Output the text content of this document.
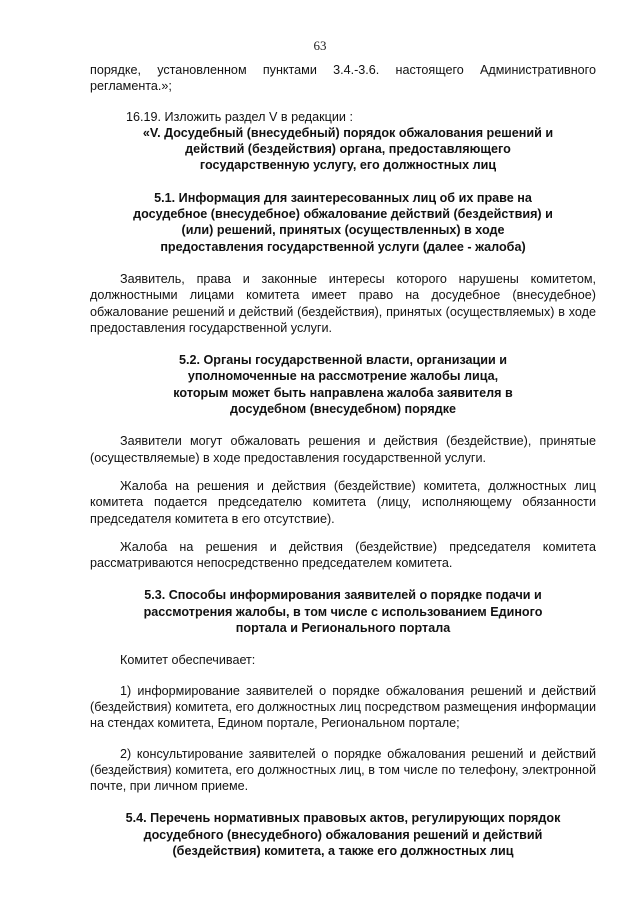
63

порядке, установленном пунктами 3.4.-3.6. настоящего Административного регламента.»;

16.19. Изложить раздел V в редакции :

«V. Досудебный (внесудебный) порядок обжалования решений и действий (бездействия) органа, предоставляющего государственную услугу, его должностных лиц

5.1. Информация для заинтересованных лиц об их праве на досудебное (внесудебное) обжалование действий (бездействия) и (или) решений, принятых (осуществленных) в ходе предоставления государственной услуги (далее - жалоба)

Заявитель, права и законные интересы которого нарушены комитетом, должностными лицами комитета имеет право на досудебное (внесудебное) обжалование решений и действий (бездействия), принятых (осуществляемых) в ходе предоставления государственной услуги.

5.2. Органы государственной власти, организации и уполномоченные на рассмотрение жалобы лица, которым может быть направлена жалоба заявителя в досудебном (внесудебном) порядке

Заявители могут обжаловать решения и действия (бездействие), принятые (осуществляемые) в ходе предоставления государственной услуги.

Жалоба на решения и действия (бездействие) комитета, должностных лиц комитета подается председателю комитета (лицу, исполняющему обязанности председателя комитета в его отсутствие).

Жалоба на решения и действия (бездействие) председателя комитета рассматриваются непосредственно председателем комитета.

5.3. Способы информирования заявителей о порядке подачи и рассмотрения жалобы, в том числе с использованием Единого портала и Регионального портала

Комитет обеспечивает:

1) информирование заявителей о порядке обжалования решений и действий (бездействия) комитета, его должностных лиц посредством размещения информации на стендах комитета, Едином портале, Региональном портале;

2) консультирование заявителей о порядке обжалования решений и действий (бездействия) комитета, его должностных лиц, в том числе по телефону, электронной почте, при личном приеме.

5.4. Перечень нормативных правовых актов, регулирующих порядок досудебного (внесудебного) обжалования решений и действий (бездействия) комитета, а также его должностных лиц
